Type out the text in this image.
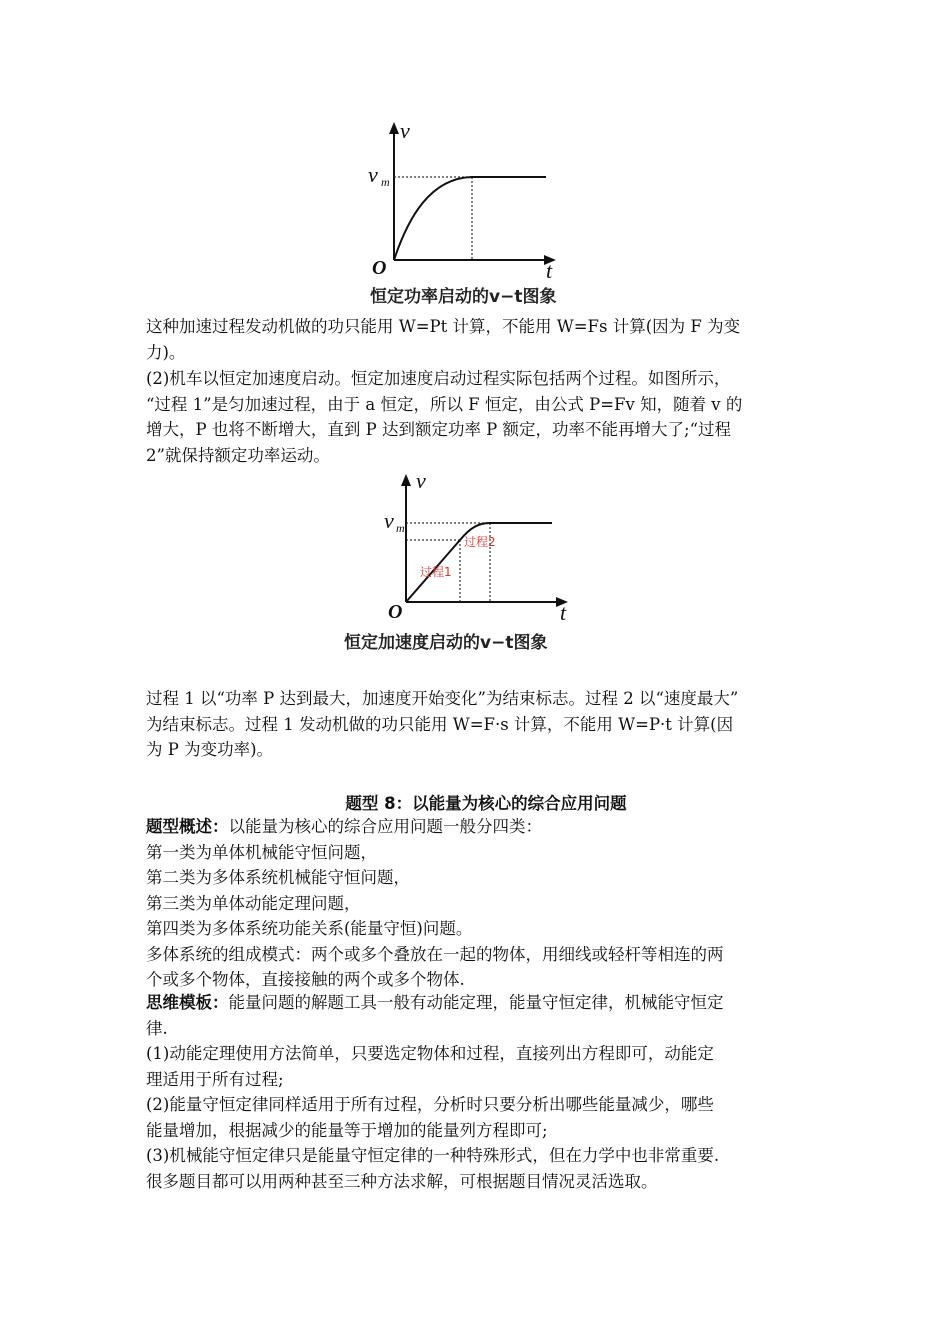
v
v m
O	t
恒定功率启动的v−t图象

这种加速过程发动机做的功只能用 W=Pt 计算，不能用 W=Fs 计算(因为 F 为变

力)。

(2)机车以恒定加速度启动。恒定加速度启动过程实际包括两个过程。如图所示，

“过程 1”是匀加速过程，由于 a 恒定，所以 F 恒定，由公式 P=Fv 知，随着 v 的

增大，P 也将不断增大，直到 P 达到额定功率 P 额定，功率不能再增大了;“过程

2”就保持额定功率运动。

v
v m
过程2
过程1
O	t
恒定加速度启动的v−t图象

过程 1 以“功率 P 达到最大，加速度开始变化”为结束标志。过程 2 以“速度最大”

为结束标志。过程 1 发动机做的功只能用 W=F·s 计算，不能用 W=P·t 计算(因

为 P 为变功率)。

题型 8：以能量为核心的综合应用问题

题型概述：以能量为核心的综合应用问题一般分四类：

第一类为单体机械能守恒问题，

第二类为多体系统机械能守恒问题，

第三类为单体动能定理问题，

第四类为多体系统功能关系(能量守恒)问题。

多体系统的组成模式：两个或多个叠放在一起的物体，用细线或轻杆等相连的两

个或多个物体，直接接触的两个或多个物体.

思维模板：能量问题的解题工具一般有动能定理，能量守恒定律，机械能守恒定

律.

(1)动能定理使用方法简单，只要选定物体和过程，直接列出方程即可，动能定

理适用于所有过程;

(2)能量守恒定律同样适用于所有过程，分析时只要分析出哪些能量减少，哪些

能量增加，根据减少的能量等于增加的能量列方程即可;

(3)机械能守恒定律只是能量守恒定律的一种特殊形式，但在力学中也非常重要.

很多题目都可以用两种甚至三种方法求解，可根据题目情况灵活选取。
